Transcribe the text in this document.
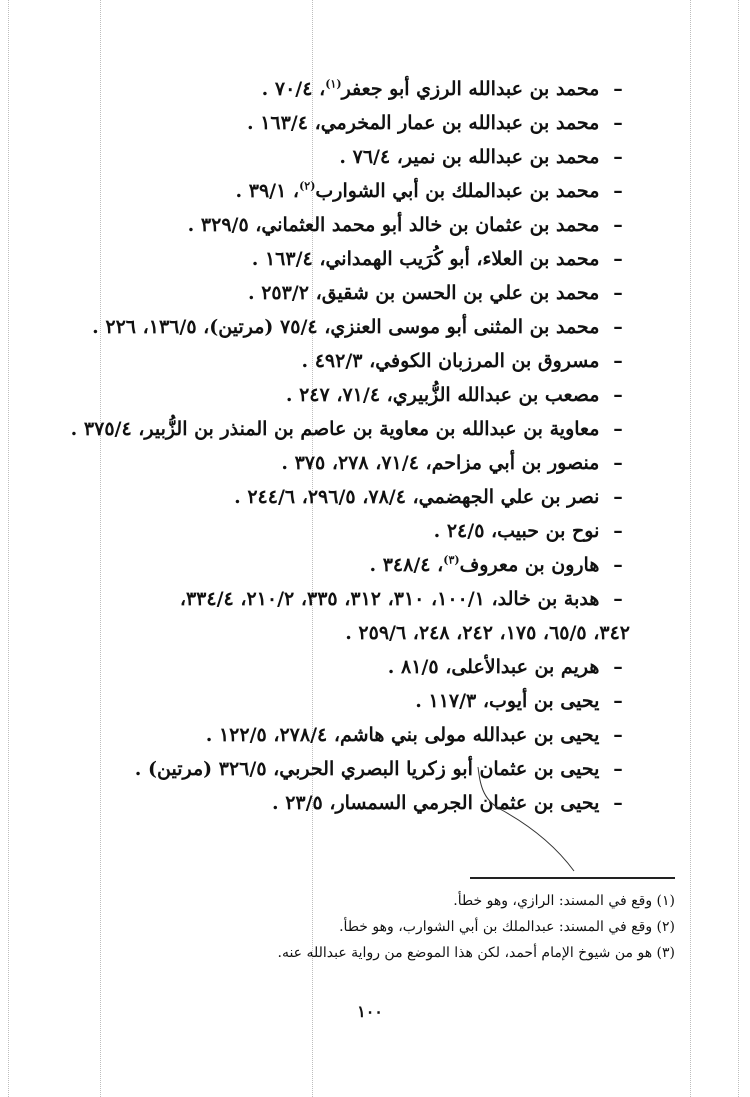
– محمد بن عبدالله الرزي أبو جعفر$^{(١)}$، ٧٠/٤ .
– محمد بن عبدالله بن عمار المخرمي، ١٦٣/٤ .
– محمد بن عبدالله بن نمير، ٧٦/٤ .
– محمد بن عبدالملك بن أبي الشوارب$^{(٢)}$، ٣٩/١ .
– محمد بن عثمان بن خالد أبو محمد العثماني، ٣٢٩/٥ .
– محمد بن العلاء، أبو كُرَيب الهمداني، ١٦٣/٤ .
– محمد بن علي بن الحسن بن شقيق، ٢٥٣/٢ .
– محمد بن المثنى أبو موسى العنزي، ٧٥/٤ (مرتين)، ١٣٦/٥، ٢٢٦ .
– مسروق بن المرزبان الكوفي، ٤٩٢/٣ .
– مصعب بن عبدالله الزُّبيري، ٧١/٤، ٢٤٧ .
– معاوية بن عبدالله بن معاوية بن عاصم بن المنذر بن الزُّبير، ٣٧٥/٤ .
– منصور بن أبي مزاحم، ٧١/٤، ٢٧٨، ٣٧٥ .
– نصر بن علي الجهضمي، ٧٨/٤، ٢٩٦/٥، ٢٤٤/٦ .
– نوح بن حبيب، ٢٤/٥ .
– هارون بن معروف$^{(٣)}$، ٣٤٨/٤ .
– هدبة بن خالد، ١٠٠/١، ٣١٠، ٣١٢، ٣٣٥، ٢١٠/٢، ٣٣٤/٤،
٣٤٢، ٦٥/٥، ١٧٥، ٢٤٢، ٢٤٨، ٢٥٩/٦ .
– هريم بن عبدالأعلى، ٨١/٥ .
– يحيى بن أيوب، ١١٧/٣ .
– يحيى بن عبدالله مولى بني هاشم، ٢٧٨/٤، ١٢٢/٥ .
– يحيى بن عثمان أبو زكريا البصري الحربي، ٣٢٦/٥ (مرتين) .
– يحيى بن عثمان الجرمي السمسار، ٢٣/٥ .
(١) وقع في المسند: الرازي، وهو خطأ.
(٢) وقع في المسند: عبدالملك بن أبي الشوارب، وهو خطأ.
(٣) هو من شيوخ الإمام أحمد، لكن هذا الموضع من رواية عبدالله عنه.
١٠٠
